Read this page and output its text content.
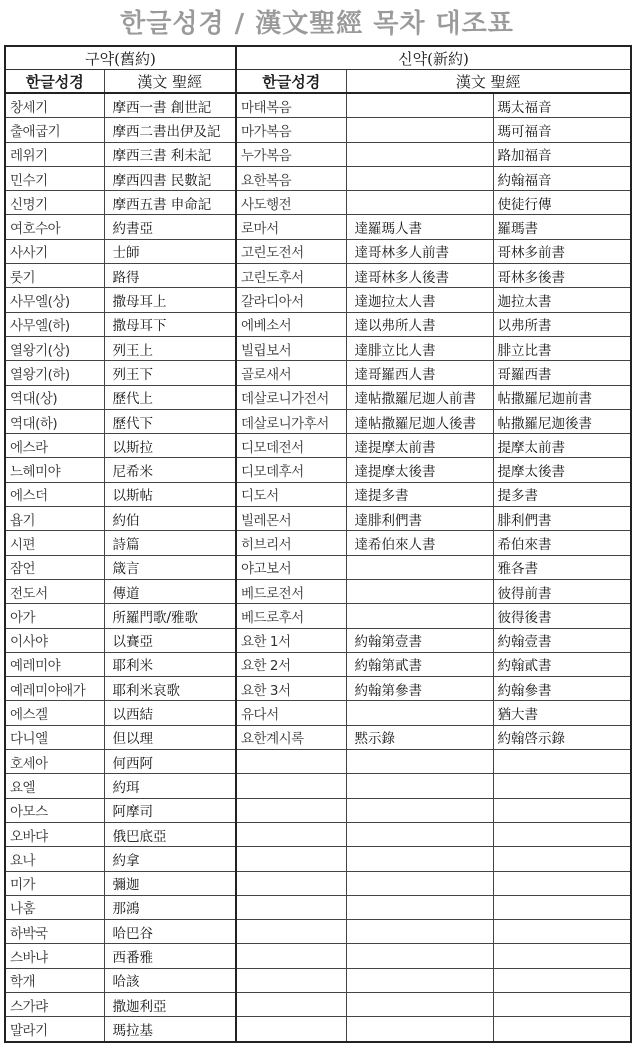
한글성경 / 漢文聖經 목차 대조표
구약(舊約)		신약(新約)		
한글성경	漢文 聖經	한글성경	漢文 聖經	
창세기	摩西一書 創世記	마태복음		瑪太福音
출애굽기	摩西二書出伊及記	마가복음		瑪可福音
레위기	摩西三書 利未記	누가복음		路加福音
민수기	摩西四書 民數記	요한복음		約翰福音
신명기	摩西五書 申命記	사도행전		使徒行傳
여호수아	約書亞	로마서	達羅瑪人書	羅瑪書
사사기	士師	고린도전서	達哥林多人前書	哥林多前書
룻기	路得	고린도후서	達哥林多人後書	哥林多後書
사무엘(상)	撒母耳上	갈라디아서	達迦拉太人書	迦拉太書
사무엘(하)	撒母耳下	에베소서	達以弗所人書	以弗所書
열왕기(상)	列王上	빌립보서	達腓立比人書	腓立比書
열왕기(하)	列王下	골로새서	達哥羅西人書	哥羅西書
역대(상)	歷代上	데살로니가전서	達帖撒羅尼迦人前書	帖撒羅尼迦前書
역대(하)	歷代下	데살로니가후서	達帖撒羅尼迦人後書	帖撒羅尼迦後書
에스라	以斯拉	디모데전서	達提摩太前書	提摩太前書
느헤미야	尼希米	디모데후서	達提摩太後書	提摩太後書
에스더	以斯帖	디도서	達提多書	提多書
욥기	約伯	빌레몬서	達腓利們書	腓利們書
시편	詩篇	히브리서	達希伯來人書	希伯來書
잠언	箴言	야고보서		雅各書
전도서	傳道	베드로전서		彼得前書
아가	所羅門歌/雅歌	베드로후서		彼得後書
이사야	以賽亞	요한 1서	約翰第壹書	約翰壹書
예레미야	耶利米	요한 2서	約翰第貳書	約翰貳書
예레미야애가	耶利米哀歌	요한 3서	約翰第參書	約翰參書
에스겔	以西結	유다서		猶大書
다니엘	但以理	요한계시록	黙示錄	約翰啓示錄
호세아	何西阿			
요엘	約珥			
아모스	阿摩司			
오바댜	俄巴底亞			
요나	約拿			
미가	彌迦			
나훔	那鴻			
하박국	哈巴谷			
스바냐	西番雅			
학개	哈該			
스가랴	撒迦利亞			
말라기	瑪拉基			
